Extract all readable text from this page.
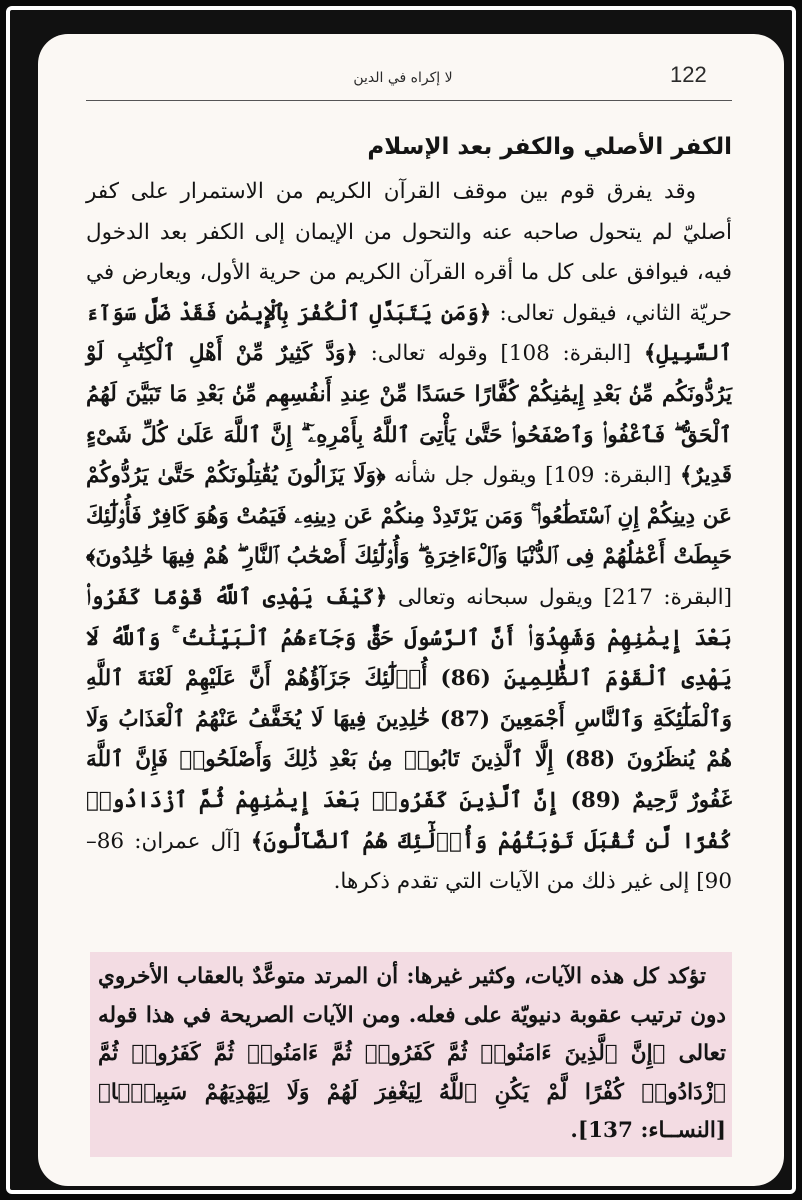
122
لا إكراه في الدين
الكفر الأصلي والكفر بعد الإسلام

وقد يفرق قوم بين موقف القرآن الكريم من الاستمرار على كفر أصليّ لم يتحول صاحبه عنه والتحول من الإيمان إلى الكفر بعد الدخول فيه، فيوافق على كل ما أقره القرآن الكريم من حرية الأول، ويعارض في حريّة الثاني، فيقول تعالى: ﴿وَمَن يَتَبَدَّلِ ٱلْكُفْرَ بِٱلْإِيمَٰنِ فَقَدْ ضَلَّ سَوَآءَ ٱلسَّبِيلِ﴾ [البقرة: 108] وقوله تعالى: ﴿وَدَّ كَثِيرٌ مِّنْ أَهْلِ ٱلْكِتَٰبِ لَوْ يَرُدُّونَكُم مِّنۢ بَعْدِ إِيمَٰنِكُمْ كُفَّارًا حَسَدًا مِّنْ عِندِ أَنفُسِهِم مِّنۢ بَعْدِ مَا تَبَيَّنَ لَهُمُ ٱلْحَقُّ ۖ فَٱعْفُوا۟ وَٱصْفَحُوا۟ حَتَّىٰ يَأْتِىَ ٱللَّهُ بِأَمْرِهِۦٓ ۗ إِنَّ ٱللَّهَ عَلَىٰ كُلِّ شَىْءٍ قَدِيرٌ﴾ [البقرة: 109] ويقول جل شأنه ﴿وَلَا يَزَالُونَ يُقَٰتِلُونَكُمْ حَتَّىٰ يَرُدُّوكُمْ عَن دِينِكُمْ إِنِ ٱسْتَطَٰعُوا۟ ۚ وَمَن يَرْتَدِدْ مِنكُمْ عَن دِينِهِۦ فَيَمُتْ وَهُوَ كَافِرٌ فَأُو۟لَٰٓئِكَ حَبِطَتْ أَعْمَٰلُهُمْ فِى ٱلدُّنْيَا وَٱلْءَاخِرَةِ ۖ وَأُو۟لَٰٓئِكَ أَصْحَٰبُ ٱلنَّارِ ۖ هُمْ فِيهَا خَٰلِدُونَ﴾ [البقرة: 217] ويقول سبحانه وتعالى ﴿كَيْفَ يَهْدِى ٱللَّهُ قَوْمًا كَفَرُوا۟ بَعْدَ إِيمَٰنِهِمْ وَشَهِدُوٓا۟ أَنَّ ٱلرَّسُولَ حَقٌّ وَجَآءَهُمُ ٱلْبَيِّنَٰتُ ۚ وَٱللَّهُ لَا يَهْدِى ٱلْقَوْمَ ٱلظَّٰلِمِينَ (86) أُو۟لَٰٓئِكَ جَزَآؤُهُمْ أَنَّ عَلَيْهِمْ لَعْنَةَ ٱللَّهِ وَٱلْمَلَٰٓئِكَةِ وَٱلنَّاسِ أَجْمَعِينَ (87) خَٰلِدِينَ فِيهَا لَا يُخَفَّفُ عَنْهُمُ ٱلْعَذَابُ وَلَا هُمْ يُنظَرُونَ (88) إِلَّا ٱلَّذِينَ تَابُوا۟ مِنۢ بَعْدِ ذَٰلِكَ وَأَصْلَحُوا۟ فَإِنَّ ٱللَّهَ غَفُورٌ رَّحِيمٌ (89) إِنَّ ٱلَّذِينَ كَفَرُوا۟ بَعْدَ إِيمَٰنِهِمْ ثُمَّ ٱزْدَادُوا۟ كُفْرًا لَّن تُقْبَلَ تَوْبَتُهُمْ وَأُو۟لَٰٓئِكَ هُمُ ٱلضَّآلُّونَ﴾ [آل عمران: 86–90] إلى غير ذلك من الآيات التي تقدم ذكرها.

تؤكد كل هذه الآيات، وكثير غيرها: أن المرتد متوعَّدٌ بالعقاب الأخروي دون ترتيب عقوبة دنيويّة على فعله. ومن الآيات الصريحة في هذا قوله تعالى ﴿إِنَّ ٱلَّذِينَ ءَامَنُوا۟ ثُمَّ كَفَرُوا۟ ثُمَّ ءَامَنُوا۟ ثُمَّ كَفَرُوا۟ ثُمَّ ٱزْدَادُوا۟ كُفْرًا لَّمْ يَكُنِ ٱللَّهُ لِيَغْفِرَ لَهُمْ وَلَا لِيَهْدِيَهُمْ سَبِيلًۢا﴾ [النســاء: 137].
